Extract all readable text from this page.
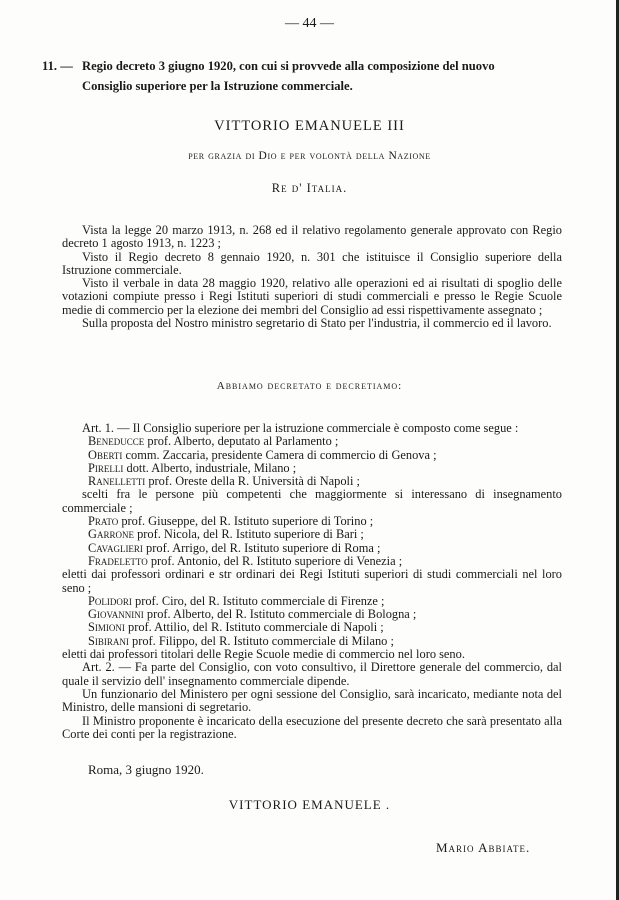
— 44 —
11. — Regio decreto 3 giugno 1920, con cui si provvede alla composizione del nuovo
Consiglio superiore per la Istruzione commerciale.
VITTORIO EMANUELE III
per grazia di Dio e per volontà della Nazione
Re d' Italia.

Vista la legge 20 marzo 1913, n. 268 ed il relativo regolamento generale approvato con Regio decreto 1 agosto 1913, n. 1223 ;

Visto il Regio decreto 8 gennaio 1920, n. 301 che istituisce il Consiglio superiore della Istruzione commerciale.

Visto il verbale in data 28 maggio 1920, relativo alle operazioni ed ai risultati di spoglio delle votazioni compiute presso i Regi Istituti superiori di studi commerciali e presso le Regie Scuole medie di commercio per la elezione dei membri del Consiglio ad essi rispettivamente assegnato ;

Sulla proposta del Nostro ministro segretario di Stato per l'industria, il commercio ed il lavoro.

Abbiamo decretato e decretiamo:

Art. 1. — Il Consiglio superiore per la istruzione commerciale è composto come segue :

Beneducce prof. Alberto, deputato al Parlamento ;

Oberti comm. Zaccaria, presidente Camera di commercio di Genova ;

Pirelli dott. Alberto, industriale, Milano ;

Ranelletti prof. Oreste della R. Università di Napoli ;

scelti fra le persone più competenti che maggiormente si interessano di insegnamento commerciale ;

Prato prof. Giuseppe, del R. Istituto superiore di Torino ;

Garrone prof. Nicola, del R. Istituto superiore di Bari ;

Cavaglieri prof. Arrigo, del R. Istituto superiore di Roma ;

Fradeletto prof. Antonio, del R. Istituto superiore di Venezia ;

eletti dai professori ordinari e str ordinari dei Regi Istituti superiori di studi commerciali nel loro seno ;

Polidori prof. Ciro, del R. Istituto commerciale di Firenze ;

Giovannini prof. Alberto, del R. Istituto commerciale di Bologna ;

Simioni prof. Attilio, del R. Istituto commerciale di Napoli ;

Sibirani prof. Filippo, del R. Istituto commerciale di Milano ;

eletti dai professori titolari delle Regie Scuole medie di commercio nel loro seno.

Art. 2. — Fa parte del Consiglio, con voto consultivo, il Direttore generale del commercio, dal quale il servizio dell' insegnamento commerciale dipende.

Un funzionario del Ministero per ogni sessione del Consiglio, sarà incaricato, mediante nota del Ministro, delle mansioni di segretario.

Il Ministro proponente è incaricato della esecuzione del presente decreto che sarà presentato alla Corte dei conti per la registrazione.

Roma, 3 giugno 1920.
VITTORIO EMANUELE .
Mario Abbiate.
